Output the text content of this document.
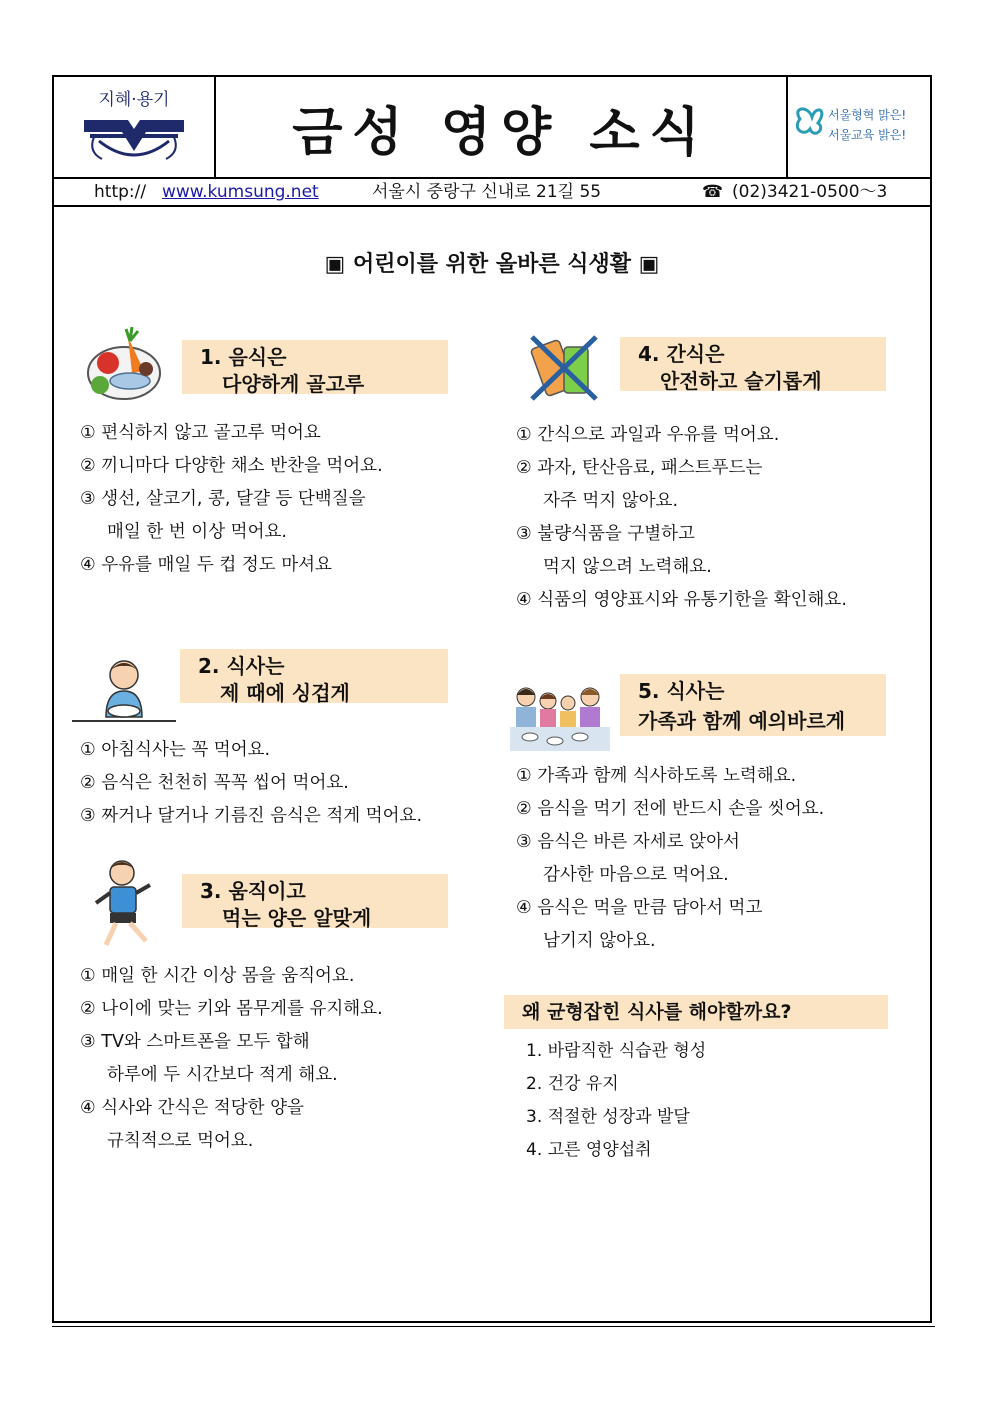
지혜·용기
금성 영양 소식	서울형혁 맑은!
서울교육 밝은!
http:// www.kumsung.net	서울시 중랑구 신내로 21길 55	☎ (02)3421-0500～3
▣ 어린이를 위한 올바른 식생활 ▣
1. 음식은
다양하게 골고루
① 편식하지 않고 골고루 먹어요
② 끼니마다 다양한 채소 반찬을 먹어요.
③ 생선, 살코기, 콩, 달걀 등 단백질을
매일 한 번 이상 먹어요.
④ 우유를 매일 두 컵 정도 마셔요
2. 식사는
제 때에 싱겁게
① 아침식사는 꼭 먹어요.
② 음식은 천천히 꼭꼭 씹어 먹어요.
③ 짜거나 달거나 기름진 음식은 적게 먹어요.
3. 움직이고
먹는 양은 알맞게
① 매일 한 시간 이상 몸을 움직어요.
② 나이에 맞는 키와 몸무게를 유지해요.
③ TV와 스마트폰을 모두 합해
하루에 두 시간보다 적게 해요.
④ 식사와 간식은 적당한 양을
규칙적으로 먹어요.
4. 간식은
안전하고 슬기롭게
① 간식으로 과일과 우유를 먹어요.
② 과자, 탄산음료, 패스트푸드는
자주 먹지 않아요.
③ 불량식품을 구별하고
먹지 않으려 노력해요.
④ 식품의 영양표시와 유통기한을 확인해요.
5. 식사는
가족과 함께 예의바르게
① 가족과 함께 식사하도록 노력해요.
② 음식을 먹기 전에 반드시 손을 씻어요.
③ 음식은 바른 자세로 앉아서
감사한 마음으로 먹어요.
④ 음식은 먹을 만큼 담아서 먹고
남기지 않아요.
왜 균형잡힌 식사를 해야할까요?
1. 바람직한 식습관 형성
2. 건강 유지
3. 적절한 성장과 발달
4. 고른 영양섭취
